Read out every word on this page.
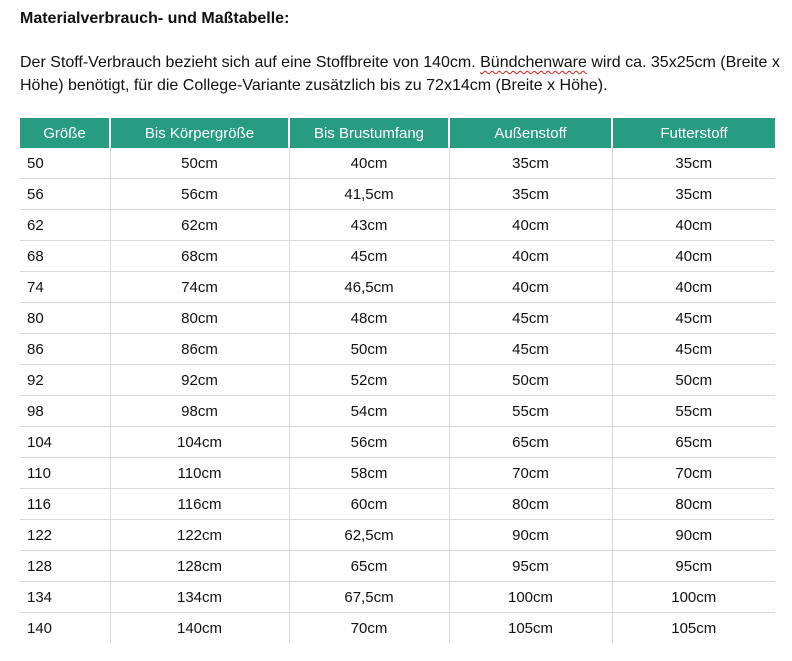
Materialverbrauch- und Maßtabelle:

Der Stoff-Verbrauch bezieht sich auf eine Stoffbreite von 140cm. Bündchenware wird ca. 35x25cm (Breite x Höhe) benötigt, für die College-Variante zusätzlich bis zu 72x14cm (Breite x Höhe).

Größe	Bis Körpergröße	Bis Brustumfang	Außenstoff	Futterstoff
50	50cm	40cm	35cm	35cm
56	56cm	41,5cm	35cm	35cm
62	62cm	43cm	40cm	40cm
68	68cm	45cm	40cm	40cm
74	74cm	46,5cm	40cm	40cm
80	80cm	48cm	45cm	45cm
86	86cm	50cm	45cm	45cm
92	92cm	52cm	50cm	50cm
98	98cm	54cm	55cm	55cm
104	104cm	56cm	65cm	65cm
110	110cm	58cm	70cm	70cm
116	116cm	60cm	80cm	80cm
122	122cm	62,5cm	90cm	90cm
128	128cm	65cm	95cm	95cm
134	134cm	67,5cm	100cm	100cm
140	140cm	70cm	105cm	105cm
